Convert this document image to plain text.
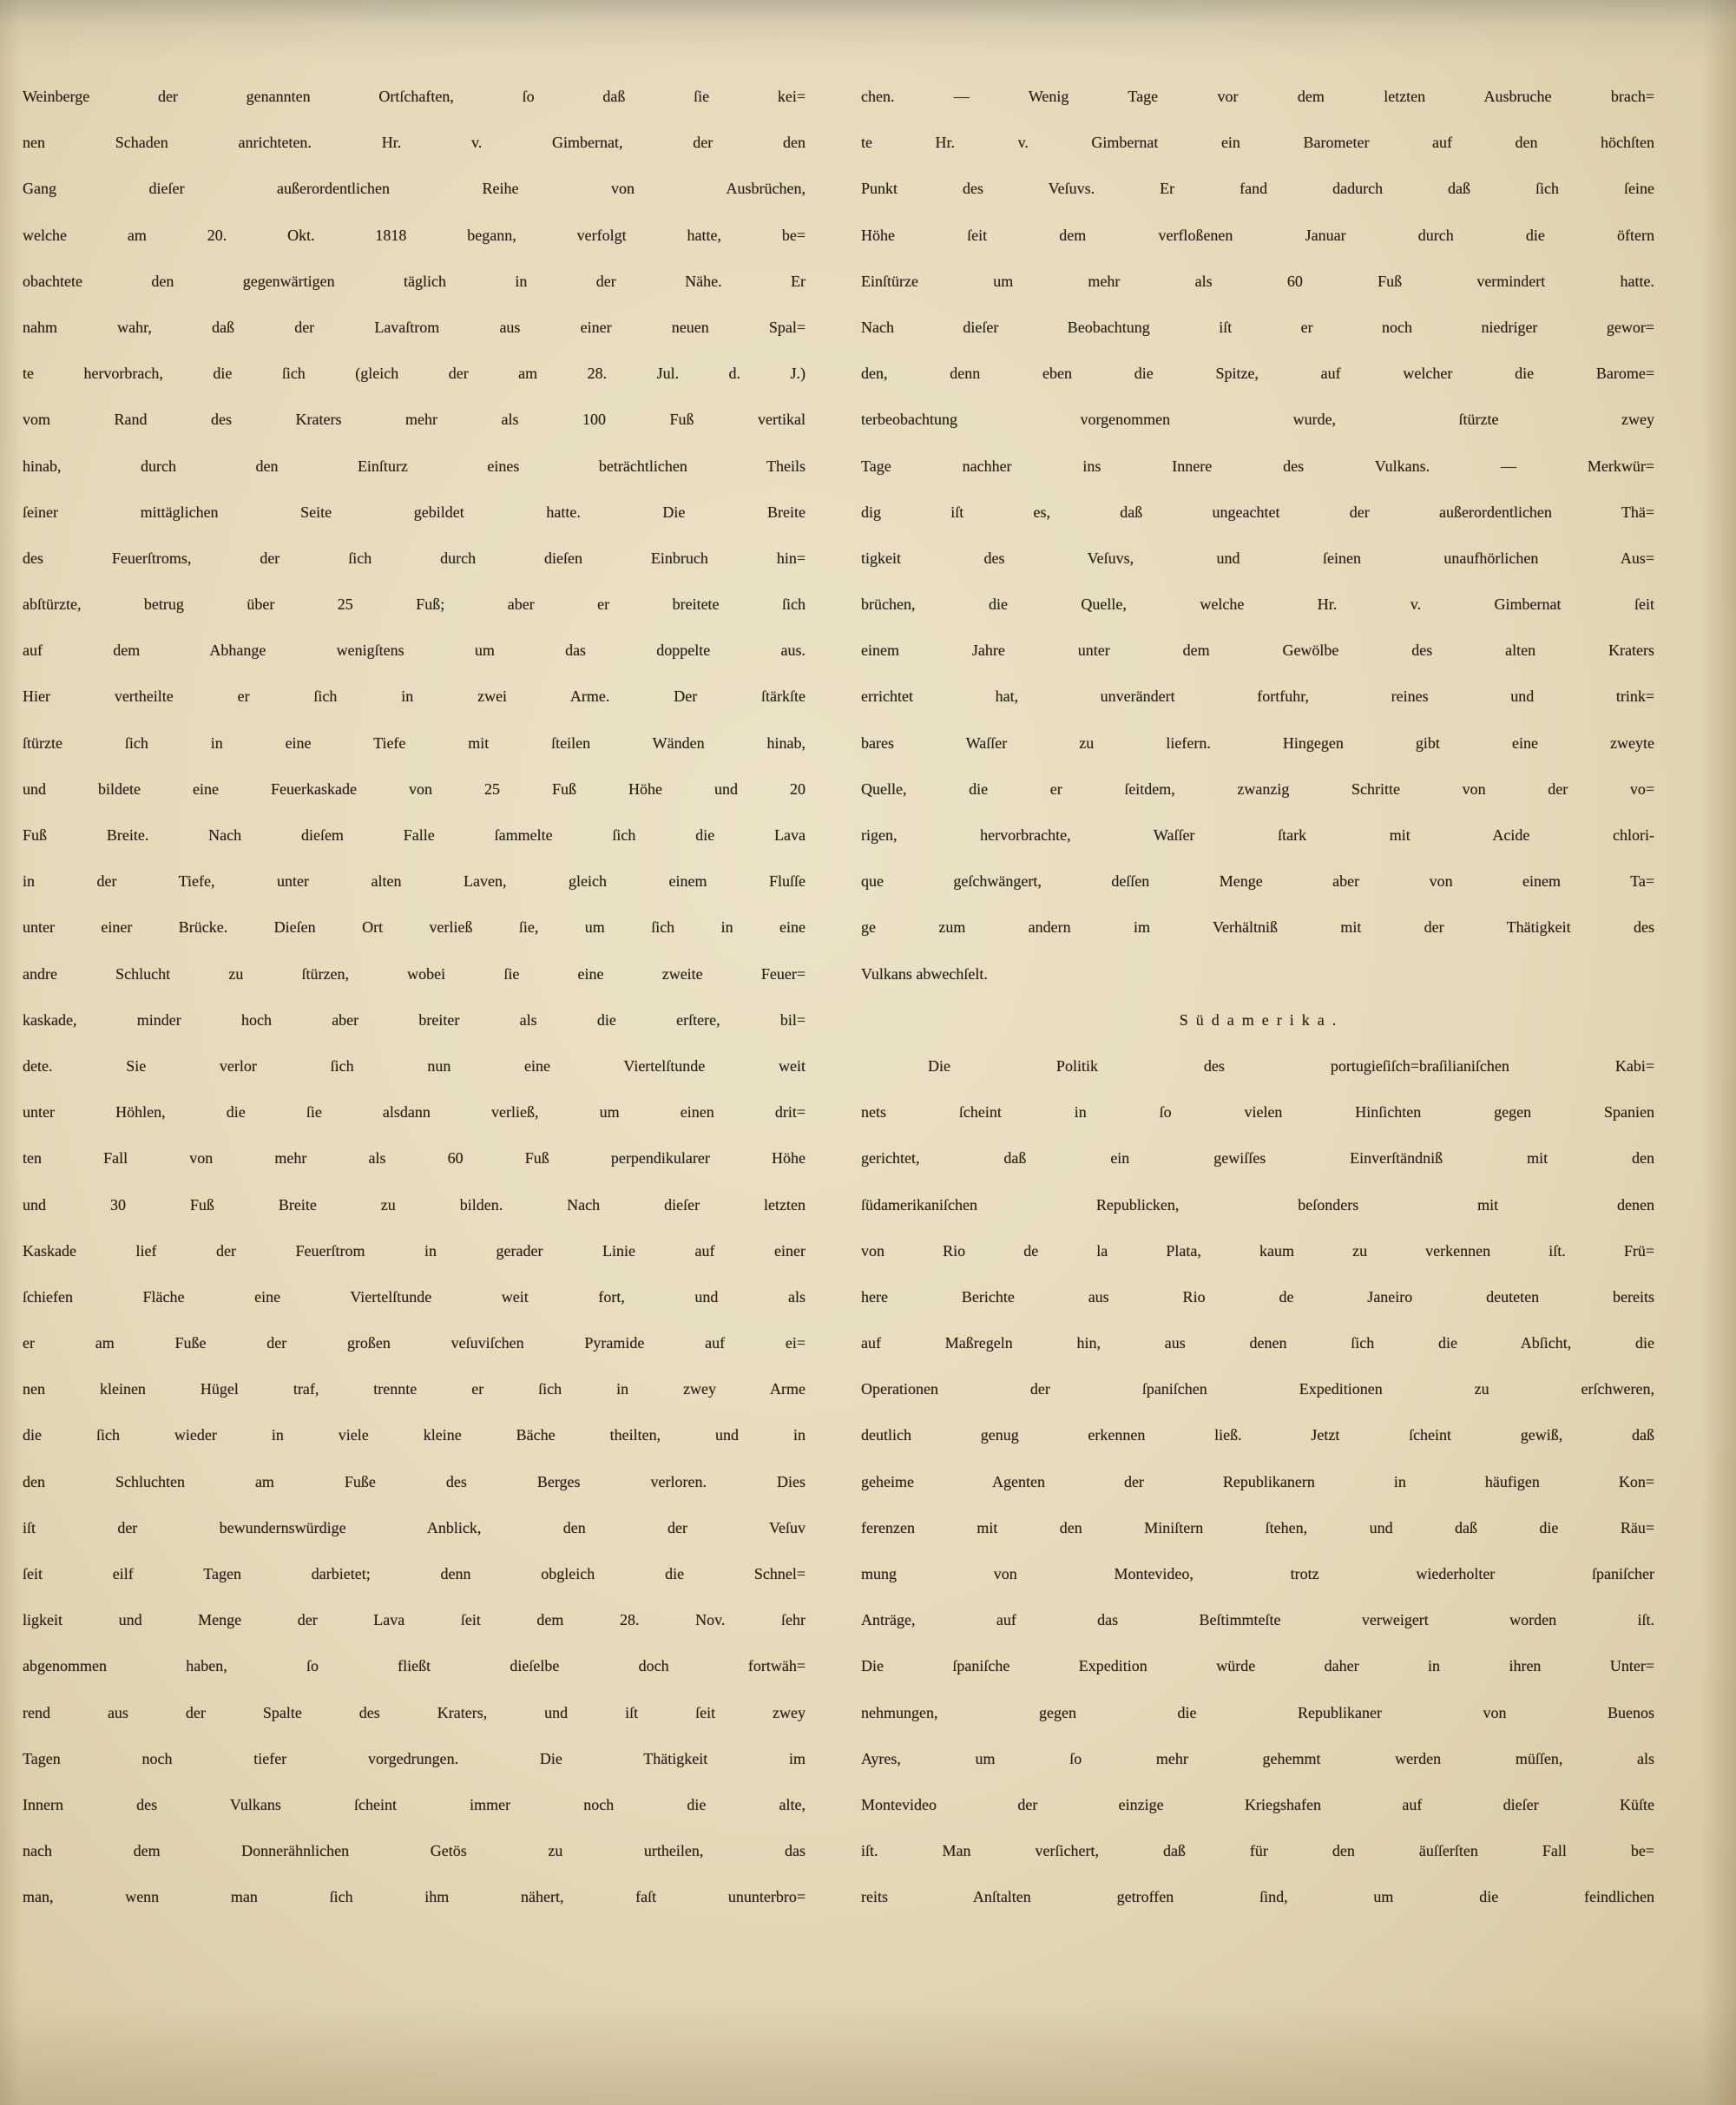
Weinberge der genannten Ortſchaften, ſo daß ſie kei=
nen Schaden anrichteten. Hr. v. Gimbernat, der den
Gang dieſer außerordentlichen Reihe von Ausbrüchen,
welche am 20. Okt. 1818 begann, verfolgt hatte, be=
obachtete den gegenwärtigen täglich in der Nähe. Er
nahm wahr, daß der Lavaſtrom aus einer neuen Spal=
te hervorbrach, die ſich (gleich der am 28. Jul. d. J.)
vom Rand des Kraters mehr als 100 Fuß vertikal
hinab, durch den Einſturz eines beträchtlichen Theils
ſeiner mittäglichen Seite gebildet hatte. Die Breite
des Feuerſtroms, der ſich durch dieſen Einbruch hin=
abſtürzte, betrug über 25 Fuß; aber er breitete ſich
auf dem Abhange wenigſtens um das doppelte aus.
Hier vertheilte er ſich in zwei Arme. Der ſtärkſte
ſtürzte ſich in eine Tiefe mit ſteilen Wänden hinab,
und bildete eine Feuerkaskade von 25 Fuß Höhe und 20
Fuß Breite. Nach dieſem Falle ſammelte ſich die Lava
in der Tiefe, unter alten Laven, gleich einem Fluſſe
unter einer Brücke. Dieſen Ort verließ ſie, um ſich in eine
andre Schlucht zu ſtürzen, wobei ſie eine zweite Feuer=
kaskade, minder hoch aber breiter als die erſtere, bil=
dete. Sie verlor ſich nun eine Viertelſtunde weit
unter Höhlen, die ſie alsdann verließ, um einen drit=
ten Fall von mehr als 60 Fuß perpendikularer Höhe
und 30 Fuß Breite zu bilden. Nach dieſer letzten
Kaskade lief der Feuerſtrom in gerader Linie auf einer
ſchiefen Fläche eine Viertelſtunde weit fort, und als
er am Fuße der großen veſuviſchen Pyramide auf ei=
nen kleinen Hügel traf, trennte er ſich in zwey Arme
die ſich wieder in viele kleine Bäche theilten, und in
den Schluchten am Fuße des Berges verloren. Dies
iſt der bewundernswürdige Anblick, den der Veſuv
ſeit eilf Tagen darbietet; denn obgleich die Schnel=
ligkeit und Menge der Lava ſeit dem 28. Nov. ſehr
abgenommen haben, ſo fließt dieſelbe doch fortwäh=
rend aus der Spalte des Kraters, und iſt ſeit zwey
Tagen noch tiefer vorgedrungen. Die Thätigkeit im
Innern des Vulkans ſcheint immer noch die alte,
nach dem Donnerähnlichen Getös zu urtheilen, das
man, wenn man ſich ihm nähert, faſt ununterbro=
chen. — Wenig Tage vor dem letzten Ausbruche brach=
te Hr. v. Gimbernat ein Barometer auf den höchſten
Punkt des Veſuvs. Er fand dadurch daß ſich ſeine
Höhe ſeit dem verfloßenen Januar durch die öftern
Einſtürze um mehr als 60 Fuß vermindert hatte.
Nach dieſer Beobachtung iſt er noch niedriger gewor=
den, denn eben die Spitze, auf welcher die Barome=
terbeobachtung vorgenommen wurde, ſtürzte zwey
Tage nachher ins Innere des Vulkans. — Merkwür=
dig iſt es, daß ungeachtet der außerordentlichen Thä=
tigkeit des Veſuvs, und ſeinen unaufhörlichen Aus=
brüchen, die Quelle, welche Hr. v. Gimbernat ſeit
einem Jahre unter dem Gewölbe des alten Kraters
errichtet hat, unverändert fortfuhr, reines und trink=
bares Waſſer zu liefern. Hingegen gibt eine zweyte
Quelle, die er ſeitdem, zwanzig Schritte von der vo=
rigen, hervorbrachte, Waſſer ſtark mit Acide chlori-
que geſchwängert, deſſen Menge aber von einem Ta=
ge zum andern im Verhältniß mit der Thätigkeit des
Vulkans abwechſelt.
Südamerika.
Die Politik des portugieſiſch=braſilianiſchen Kabi=
nets ſcheint in ſo vielen Hinſichten gegen Spanien
gerichtet, daß ein gewiſſes Einverſtändniß mit den
ſüdamerikaniſchen Republicken, beſonders mit denen
von Rio de la Plata, kaum zu verkennen iſt. Frü=
here Berichte aus Rio de Janeiro deuteten bereits
auf Maßregeln hin, aus denen ſich die Abſicht, die
Operationen der ſpaniſchen Expeditionen zu erſchweren,
deutlich genug erkennen ließ. Jetzt ſcheint gewiß, daß
geheime Agenten der Republikanern in häufigen Kon=
ferenzen mit den Miniſtern ſtehen, und daß die Räu=
mung von Montevideo, trotz wiederholter ſpaniſcher
Anträge, auf das Beſtimmteſte verweigert worden iſt.
Die ſpaniſche Expedition würde daher in ihren Unter=
nehmungen, gegen die Republikaner von Buenos
Ayres, um ſo mehr gehemmt werden müſſen, als
Montevideo der einzige Kriegshafen auf dieſer Küſte
iſt. Man verſichert, daß für den äuſſerſten Fall be=
reits Anſtalten getroffen ſind, um die feindlichen
